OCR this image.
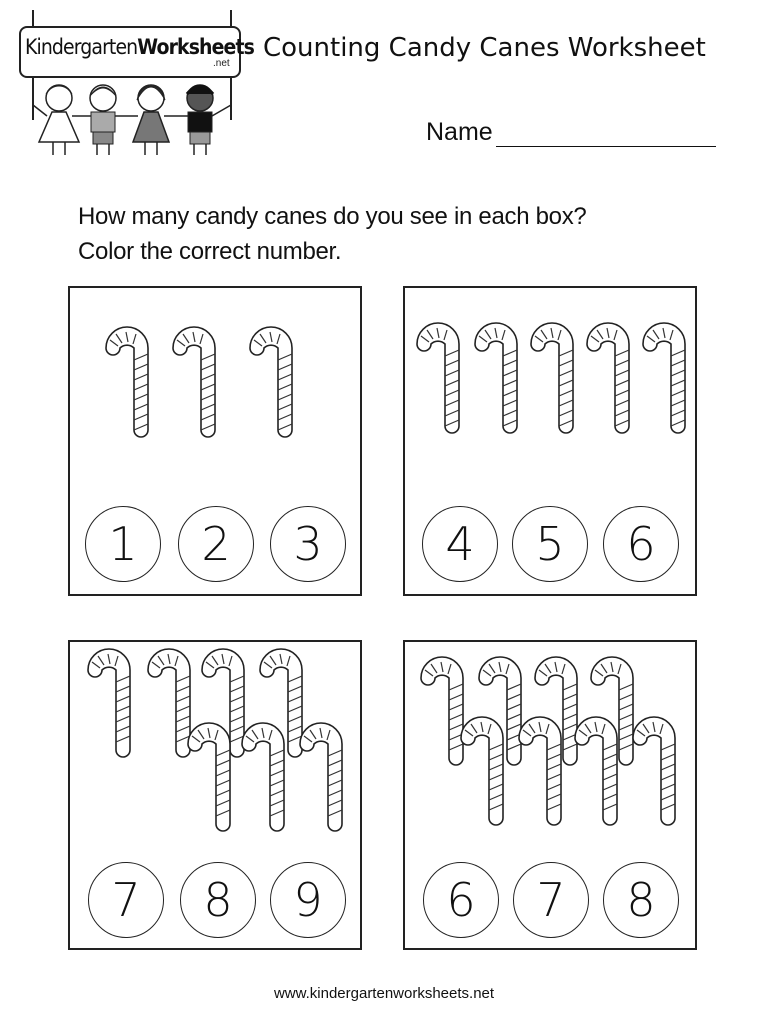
KindergartenWorksheets
.net
Counting Candy Canes Worksheet
Name
How many candy canes do you see in each box?
Color the correct number.
1	2	3	4	5	6
7	8	9	6	7	8
www.kindergartenworksheets.net
